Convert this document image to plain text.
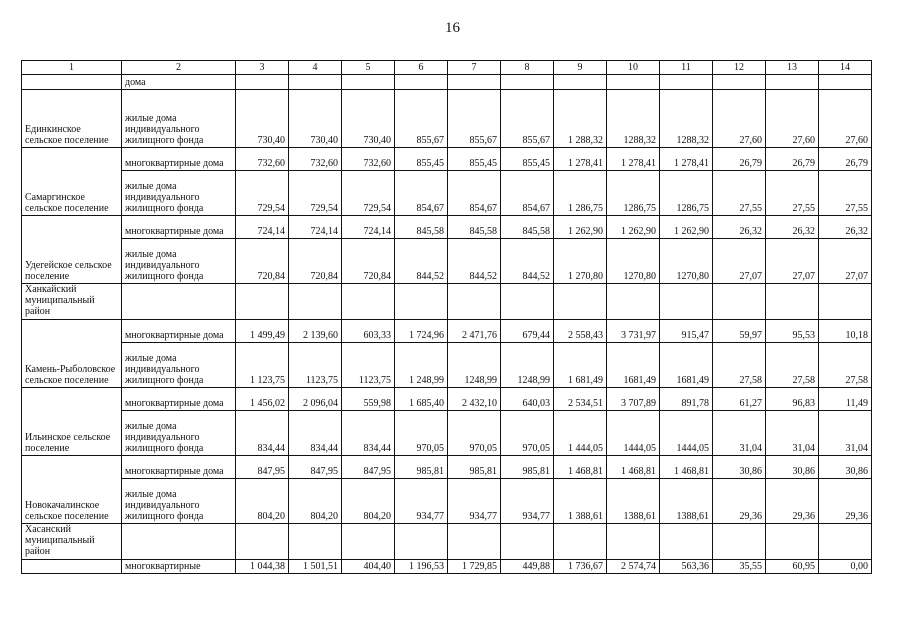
16
1	2	3	4	5	6	7	8	9	10	11	12	13	14
	дома												
Единкинское сельское поселение	жилые дома индивидуального жилищного фонда	730,40	730,40	730,40	855,67	855,67	855,67	1 288,32	1288,32	1288,32	27,60	27,60	27,60
Самаргинское сельское поселение	многоквартирные дома	732,60	732,60	732,60	855,45	855,45	855,45	1 278,41	1 278,41	1 278,41	26,79	26,79	26,79
	жилые дома индивидуального жилищного фонда	729,54	729,54	729,54	854,67	854,67	854,67	1 286,75	1286,75	1286,75	27,55	27,55	27,55
Удегейское сельское поселение	многоквартирные дома	724,14	724,14	724,14	845,58	845,58	845,58	1 262,90	1 262,90	1 262,90	26,32	26,32	26,32
	жилые дома индивидуального жилищного фонда	720,84	720,84	720,84	844,52	844,52	844,52	1 270,80	1270,80	1270,80	27,07	27,07	27,07
Ханкайский муниципальный район													
Камень-Рыболовское сельское поселение	многоквартирные дома	1 499,49	2 139,60	603,33	1 724,96	2 471,76	679,44	2 558,43	3 731,97	915,47	59,97	95,53	10,18
	жилые дома индивидуального жилищного фонда	1 123,75	1123,75	1123,75	1 248,99	1248,99	1248,99	1 681,49	1681,49	1681,49	27,58	27,58	27,58
Ильинское сельское поселение	многоквартирные дома	1 456,02	2 096,04	559,98	1 685,40	2 432,10	640,03	2 534,51	3 707,89	891,78	61,27	96,83	11,49
	жилые дома индивидуального жилищного фонда	834,44	834,44	834,44	970,05	970,05	970,05	1 444,05	1444,05	1444,05	31,04	31,04	31,04
Новокачалинское сельское поселение	многоквартирные дома	847,95	847,95	847,95	985,81	985,81	985,81	1 468,81	1 468,81	1 468,81	30,86	30,86	30,86
	жилые дома индивидуального жилищного фонда	804,20	804,20	804,20	934,77	934,77	934,77	1 388,61	1388,61	1388,61	29,36	29,36	29,36
Хасанский муниципальный район													
	многоквартирные	1 044,38	1 501,51	404,40	1 196,53	1 729,85	449,88	1 736,67	2 574,74	563,36	35,55	60,95	0,00
